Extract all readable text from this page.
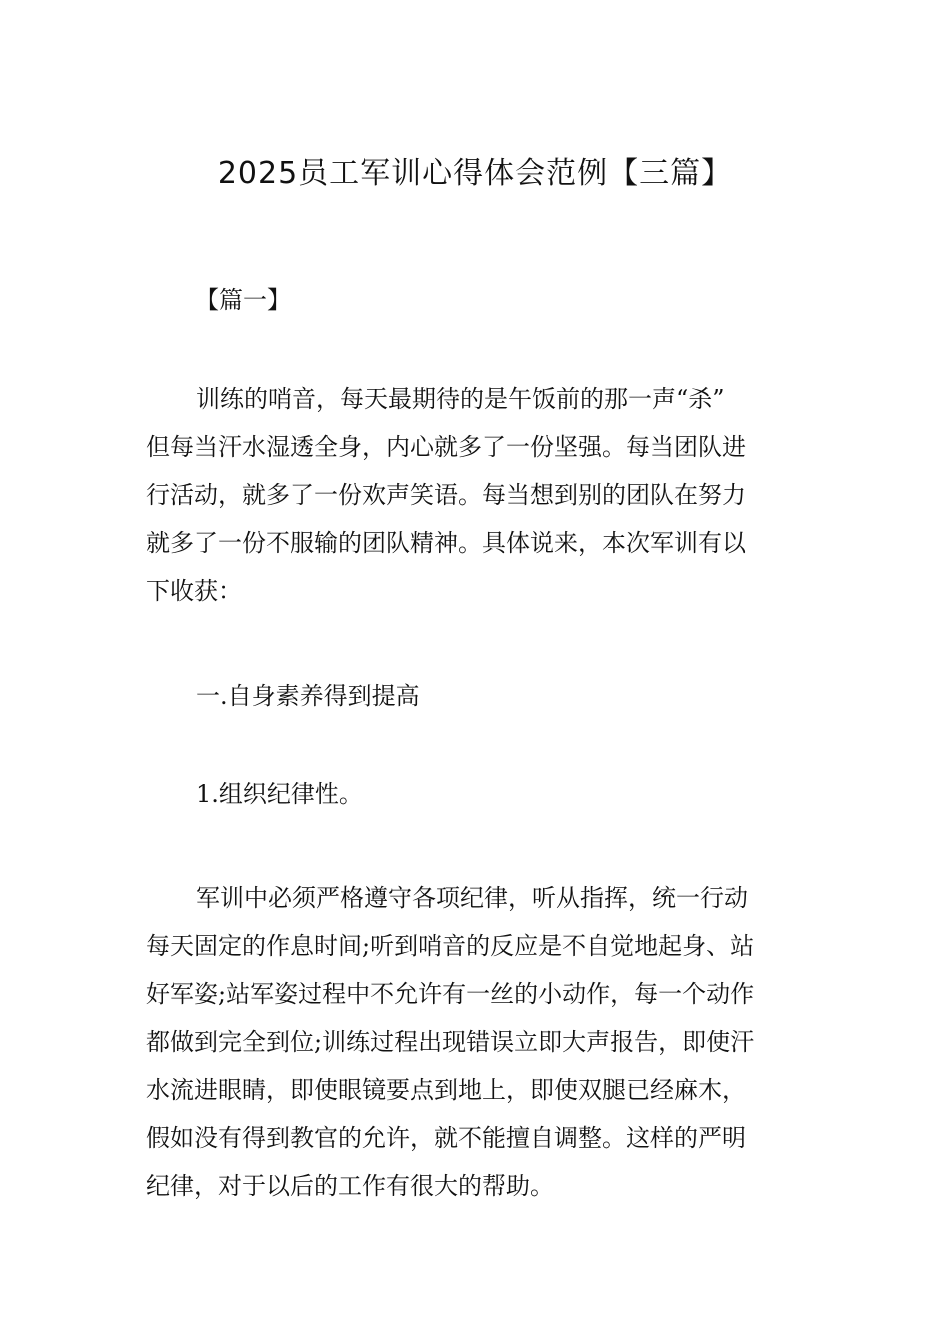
2025员工军训心得体会范例【三篇】

【篇一】

训练的哨音，每天最期待的是午饭前的那一声“杀”
但每当汗水湿透全身，内心就多了一份坚强。每当团队进
行活动，就多了一份欢声笑语。每当想到别的团队在努力
就多了一份不服输的团队精神。具体说来，本次军训有以
下收获：

一.自身素养得到提高

1.组织纪律性。

军训中必须严格遵守各项纪律，听从指挥，统一行动
每天固定的作息时间;听到哨音的反应是不自觉地起身、站
好军姿;站军姿过程中不允许有一丝的小动作，每一个动作
都做到完全到位;训练过程出现错误立即大声报告，即使汗
水流进眼睛，即使眼镜要点到地上，即使双腿已经麻木，
假如没有得到教官的允许，就不能擅自调整。这样的严明
纪律，对于以后的工作有很大的帮助。
